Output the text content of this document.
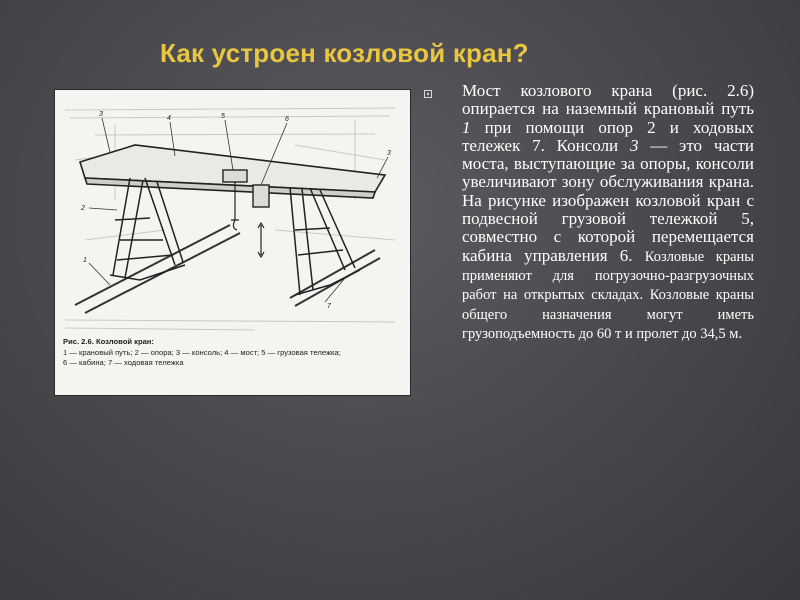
Как устроен козловой кран?
3
4	5	6
3
2
1
7
Рис. 2.6. Козловой кран:
1 — крановый путь; 2 — опора; 3 — консоль; 4 — мост; 5 — грузовая тележка;
6 — кабина; 7 — ходовая тележка
Мост козлового крана (рис. 2.6) опирается на наземный крановый путь 1 при помощи опор 2 и ходовых тележек 7. Консоли 3 — это части моста, выступающие за опоры, консоли увеличивают зону обслуживания крана. На рисунке изображен козловой кран с подвесной грузовой тележкой 5, совместно с которой перемещается кабина управления 6. Козловые краны применяют для погрузочно-разгрузочных работ на открытых складах. Козловые краны общего назначения могут иметь грузоподъемность до 60 т и пролет до 34,5 м.
